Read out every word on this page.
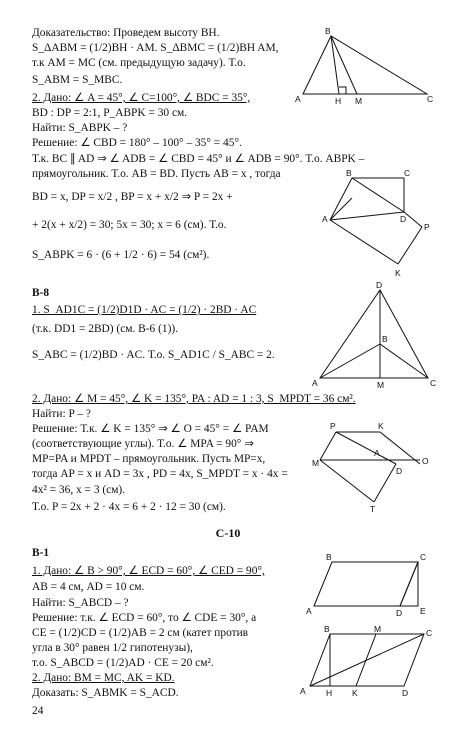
Доказательство: Проведем высоту BH.
S_ΔABM = (1/2)BH · AM. S_ΔBMC = (1/2)BH AM,
т.к AM = MC (см. предыдущую задачу). Т.о.
S_ABM = S_MBC.
2. Дано: ∠ A = 45°, ∠ C=100°, ∠ BDC = 35°,
BD : DP = 2:1, P_ABPK = 30 см.
Найти: S_ABPK – ?
Решение: ∠ CBD = 180° – 100° – 35° = 45°.
Т.к. BC ∥ AD ⇒ ∠ ADB = ∠ CBD = 45° и ∠ ADB = 90°. Т.о. ABPK –
прямоугольник. Т.о. AB = BD. Пусть AB = x , тогда
BD = x, DP = x/2 , BP = x + x/2 ⇒ P = 2x +
+ 2(x + x/2) = 30; 5x = 30; x = 6 (см). Т.о.
S_ABPK = 6 · (6 + 1/2 · 6) = 54 (см²).
В-8
1. S_AD1C = (1/2)D1D · AC = (1/2) · 2BD · AC
(т.к. DD1 = 2BD) (см. В-6 (1)).
S_ABC = (1/2)BD · AC. Т.о. S_AD1C / S_ABC = 2.
2. Дано: ∠ M = 45°, ∠ K = 135°, PA : AD = 1 : 3, S_MPDT = 36 см².
Найти: P – ?
Решение: Т.к. ∠ K = 135° ⇒ ∠ O = 45° = ∠ PAM
(соответствующие углы). Т.о. ∠ MPA = 90° ⇒
MP=PA и MPDT – прямоугольник. Пусть MP=x,
тогда AP = x и AD = 3x , PD = 4x, S_MPDT = x · 4x =
4x² = 36, x = 3 (см).
Т.о. P = 2x + 2 · 4x = 6 + 2 · 12 = 30 (см).
С-10
В-1
1. Дано: ∠ B > 90°, ∠ ECD = 60°, ∠ CED = 90°,
AB = 4 см, AD = 10 см.
Найти: S_ABCD – ?
Решение: т.к. ∠ ECD = 60°, то ∠ CDE = 30°, а
CE = (1/2)CD = (1/2)AB = 2 см (катет против
угла в 30° равен 1/2 гипотенузы),
т.о. S_ABCD = (1/2)AD · CE = 20 см².
2. Дано: BM = MC, AK = KD.
Доказать: S_ABMK = S_ACD.
24
B
A	H M	C
B	C
A	D
P
K
D
B
A	M	C
P	K
M
A
O
D
T
B	C
A	D E
B	M	C
A H K	D
